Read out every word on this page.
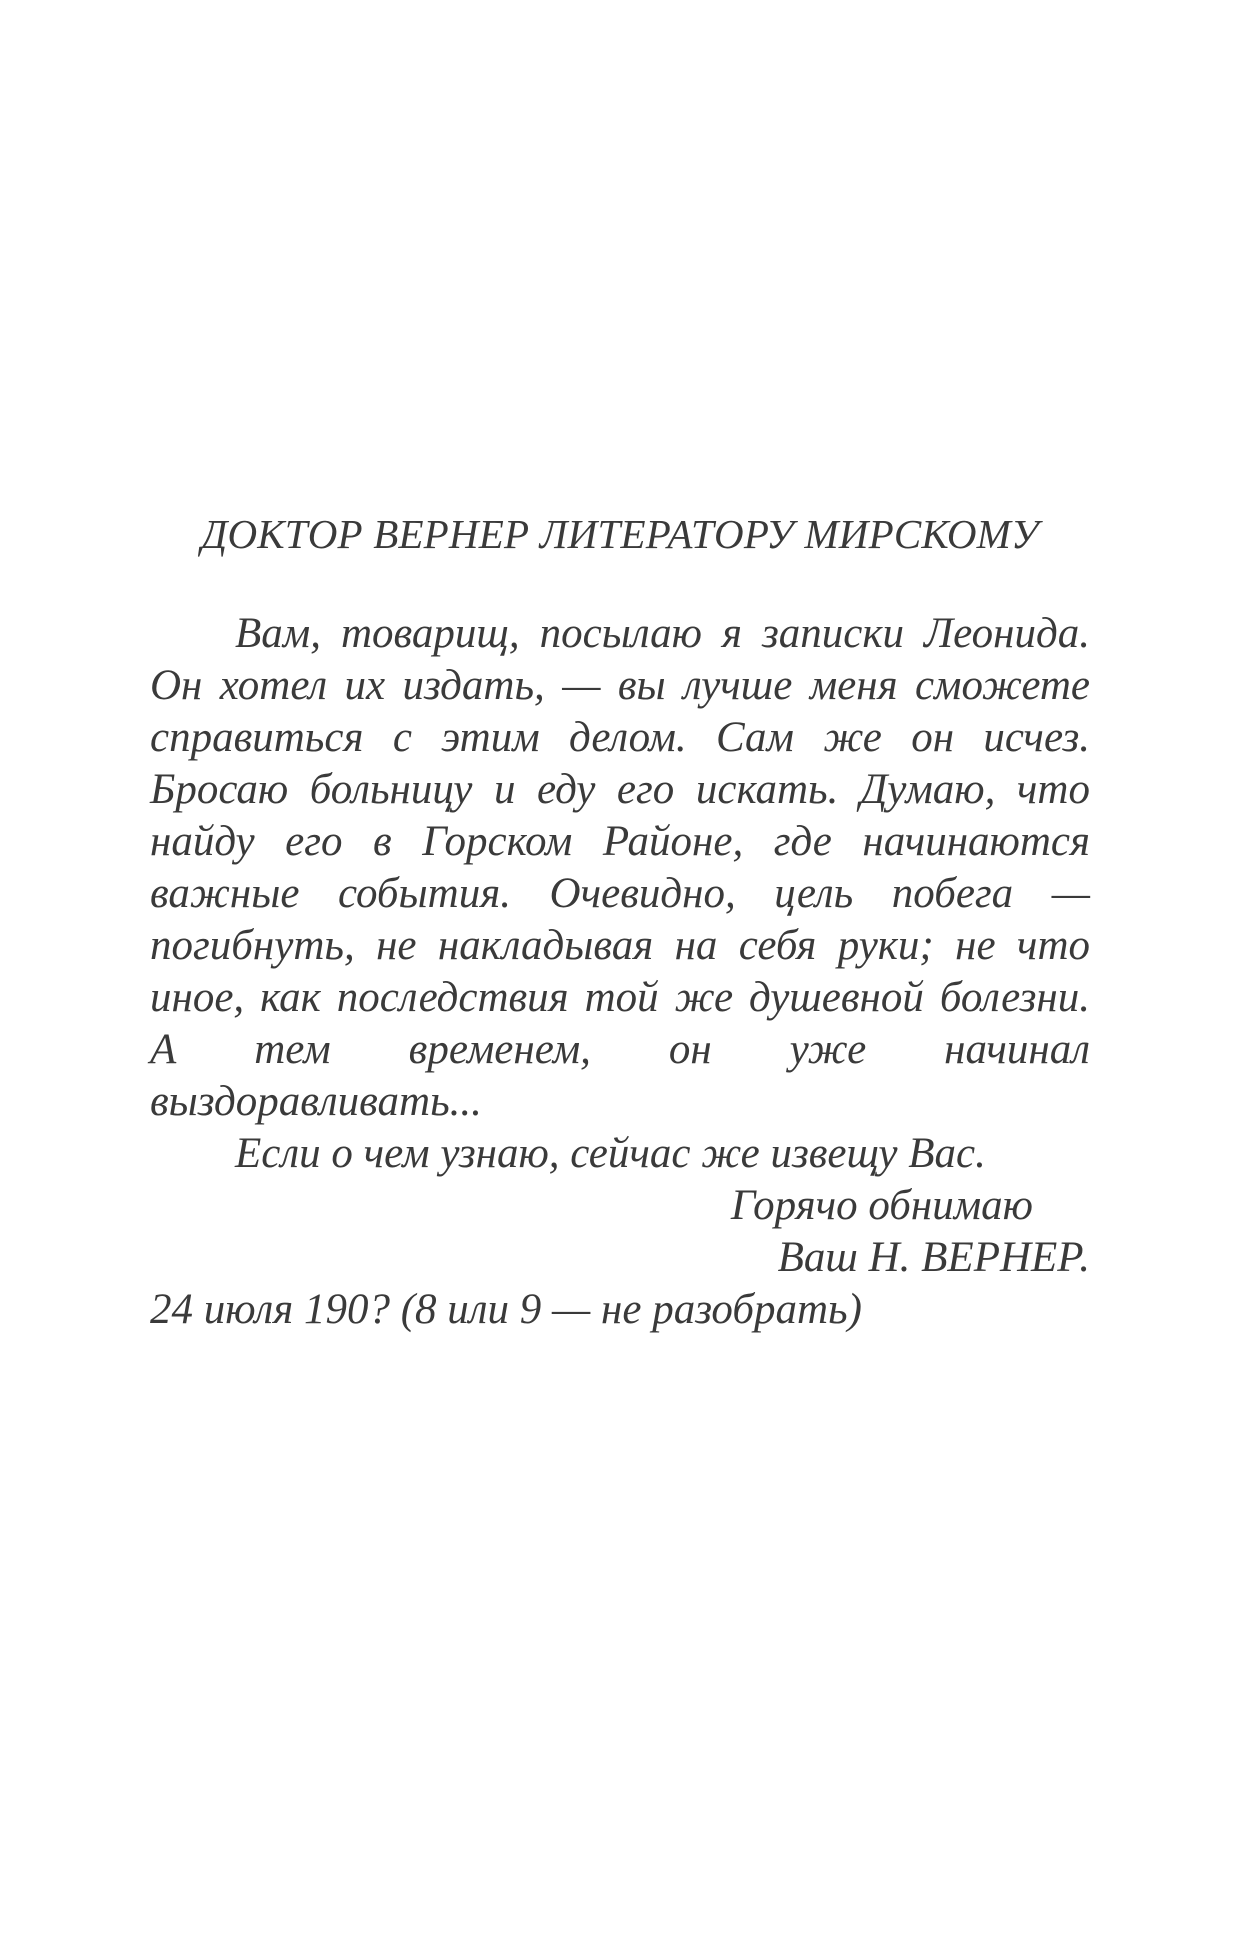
ДОКТОР ВЕРНЕР ЛИТЕРАТОРУ МИРСКОМУ

Вам, товарищ, посылаю я записки Леонида. Он хотел их издать, — вы лучше меня сможете справиться с этим делом. Сам же он исчез. Бросаю больницу и еду его искать. Думаю, что найду его в Горском Районе, где начинаются важные события. Очевидно, цель побега — погибнуть, не накладывая на себя руки; не что иное, как последствия той же душевной болезни. А тем временем, он уже начинал выздоравливать...

Если о чем узнаю, сейчас же извещу Вас.

Горячо обнимаю

Ваш Н. ВЕРНЕР.

24 июля 190? (8 или 9 — не разобрать)
